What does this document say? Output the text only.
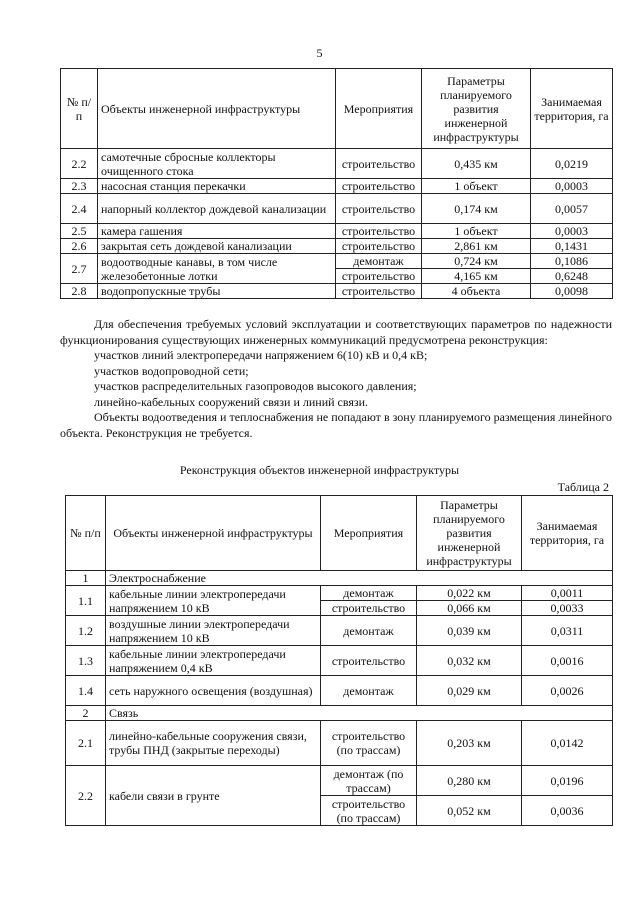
5
№ п/п	Объекты инженерной инфраструктуры	Мероприятия	Параметры планируемого развития инженерной инфраструктуры	Занимаемая территория, га
2.2	самотечные сбросные коллекторы очищенного стока	строительство	0,435 км	0,0219
2.3	насосная станция перекачки	строительство	1 объект	0,0003
2.4	напорный коллектор дождевой канализации	строительство	0,174 км	0,0057
2.5	камера гашения	строительство	1 объект	0,0003
2.6	закрытая сеть дождевой канализации	строительство	2,861 км	0,1431
2.7	водоотводные канавы, в том числе железобетонные лотки	демонтаж	0,724 км	0,1086
		строительство	4,165 км	0,6248
2.8	водопропускные трубы	строительство	4 объекта	0,0098
Для обеспечения требуемых условий эксплуатации и соответствующих параметров по надежности функционирования существующих инженерных коммуникаций предусмотрена реконструкция:
участков линий электропередачи напряжением 6(10) кВ и 0,4 кВ;
участков водопроводной сети;
участков распределительных газопроводов высокого давления;
линейно-кабельных сооружений связи и линий связи.
Объекты водоотведения и теплоснабжения не попадают в зону планируемого размещения линейного объекта. Реконструкция не требуется.
Реконструкция объектов инженерной инфраструктуры
Таблица 2
№ п/п	Объекты инженерной инфраструктуры	Мероприятия	Параметры планируемого развития инженерной инфраструктуры	Занимаемая территория, га
1	Электроснабжение			
1.1	кабельные линии электропередачи напряжением 10 кВ	демонтаж	0,022 км	0,0011
		строительство	0,066 км	0,0033
1.2	воздушные линии электропередачи напряжением 10 кВ	демонтаж	0,039 км	0,0311
1.3	кабельные линии электропередачи напряжением 0,4 кВ	строительство	0,032 км	0,0016
1.4	сеть наружного освещения (воздушная)	демонтаж	0,029 км	0,0026
2	Связь			
2.1	линейно-кабельные сооружения связи, трубы ПНД (закрытые переходы)	строительство (по трассам)	0,203 км	0,0142
2.2	кабели связи в грунте	демонтаж (по трассам)	0,280 км	0,0196
		строительство (по трассам)	0,052 км	0,0036
